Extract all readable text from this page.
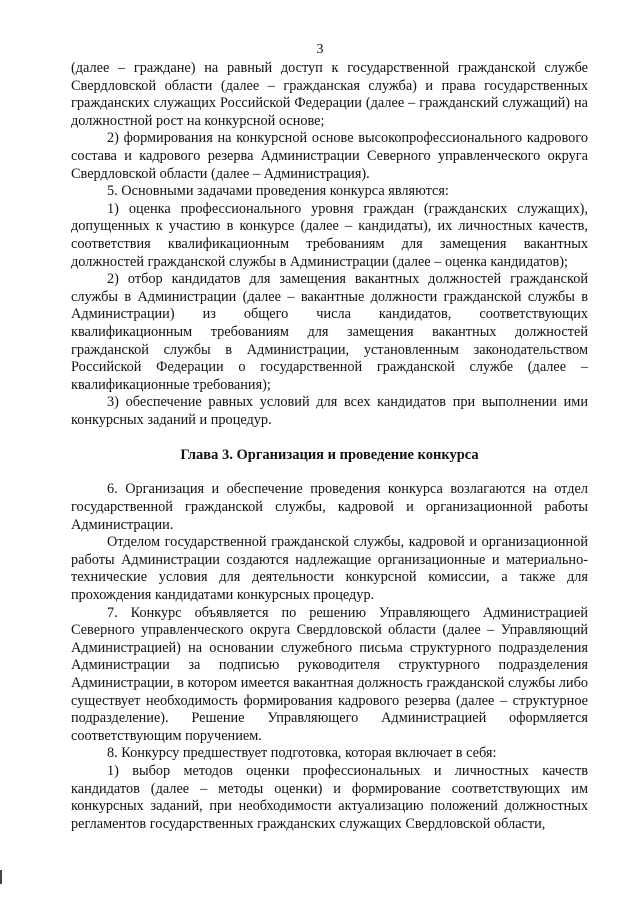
3

(далее – граждане) на равный доступ к государственной гражданской службе Свердловской области (далее – гражданская служба) и права государственных гражданских служащих Российской Федерации (далее – гражданский служащий) на должностной рост на конкурсной основе;

2) формирования на конкурсной основе высокопрофессионального кадрового состава и кадрового резерва Администрации Северного управленческого округа Свердловской области (далее – Администрация).

5. Основными задачами проведения конкурса являются:

1) оценка профессионального уровня граждан (гражданских служащих), допущенных к участию в конкурсе (далее – кандидаты), их личностных качеств, соответствия квалификационным требованиям для замещения вакантных должностей гражданской службы в Администрации (далее – оценка кандидатов);

2) отбор кандидатов для замещения вакантных должностей гражданской службы в Администрации (далее – вакантные должности гражданской службы в Администрации) из общего числа кандидатов, соответствующих квалификационным требованиям для замещения вакантных должностей гражданской службы в Администрации, установленным законодательством Российской Федерации о государственной гражданской службе (далее – квалификационные требования);

3) обеспечение равных условий для всех кандидатов при выполнении ими конкурсных заданий и процедур.

Глава 3. Организация и проведение конкурса

6. Организация и обеспечение проведения конкурса возлагаются на отдел государственной гражданской службы, кадровой и организационной работы Администрации.

Отделом государственной гражданской службы, кадровой и организационной работы Администрации создаются надлежащие организационные и материально-технические условия для деятельности конкурсной комиссии, а также для прохождения кандидатами конкурсных процедур.

7. Конкурс объявляется по решению Управляющего Администрацией Северного управленческого округа Свердловской области (далее – Управляющий Администрацией) на основании служебного письма структурного подразделения Администрации за подписью руководителя структурного подразделения Администрации, в котором имеется вакантная должность гражданской службы либо существует необходимость формирования кадрового резерва (далее – структурное подразделение). Решение Управляющего Администрацией оформляется соответствующим поручением.

8. Конкурсу предшествует подготовка, которая включает в себя:

1) выбор методов оценки профессиональных и личностных качеств кандидатов (далее – методы оценки) и формирование соответствующих им конкурсных заданий, при необходимости актуализацию положений должностных регламентов государственных гражданских служащих Свердловской области,
